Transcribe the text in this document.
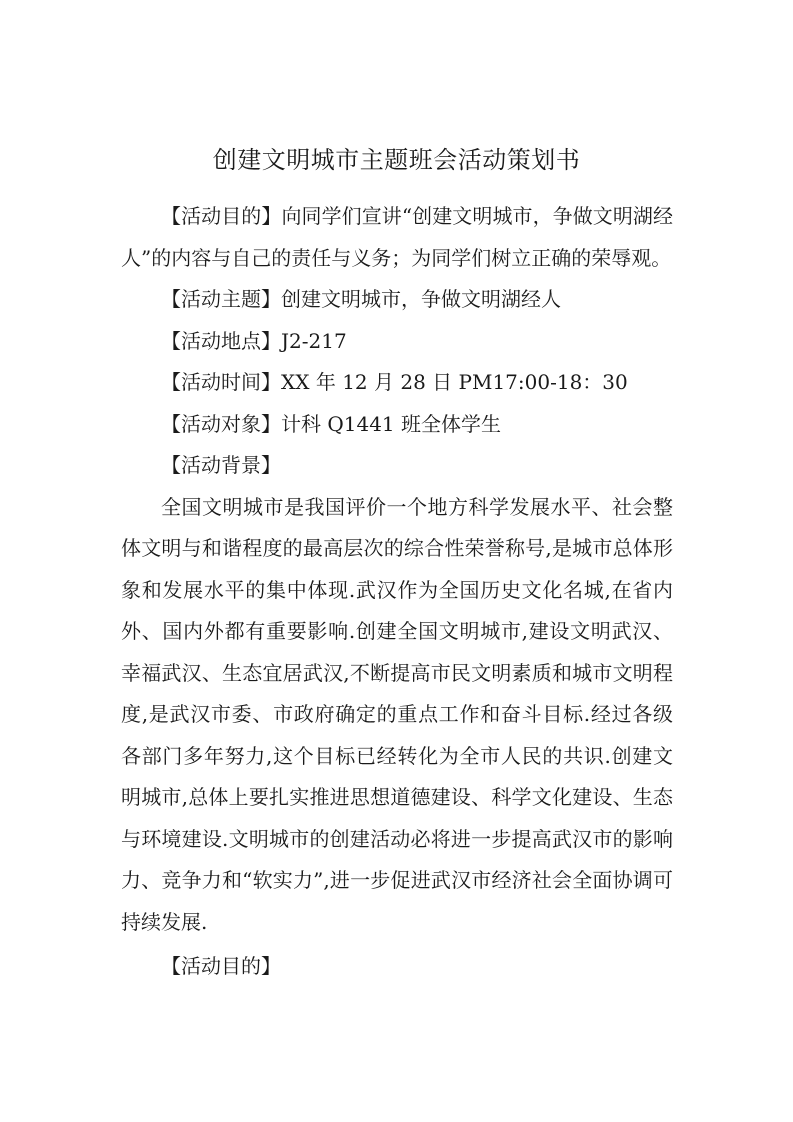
创建文明城市主题班会活动策划书

【活动目的】向同学们宣讲“创建文明城市，争做文明湖经人”的内容与自己的责任与义务；为同学们树立正确的荣辱观。

【活动主题】创建文明城市，争做文明湖经人

【活动地点】J2-217

【活动时间】XX 年 12 月 28 日 PM17:00-18：30

【活动对象】计科 Q1441 班全体学生

【活动背景】

全国文明城市是我国评价一个地方科学发展水平、社会整体文明与和谐程度的最高层次的综合性荣誉称号,是城市总体形象和发展水平的集中体现.武汉作为全国历史文化名城,在省内外、国内外都有重要影响.创建全国文明城市,建设文明武汉、幸福武汉、生态宜居武汉,不断提高市民文明素质和城市文明程度,是武汉市委、市政府确定的重点工作和奋斗目标.经过各级各部门多年努力,这个目标已经转化为全市人民的共识.创建文明城市,总体上要扎实推进思想道德建设、科学文化建设、生态与环境建设.文明城市的创建活动必将进一步提高武汉市的影响力、竞争力和“软实力”,进一步促进武汉市经济社会全面协调可持续发展.

【活动目的】
